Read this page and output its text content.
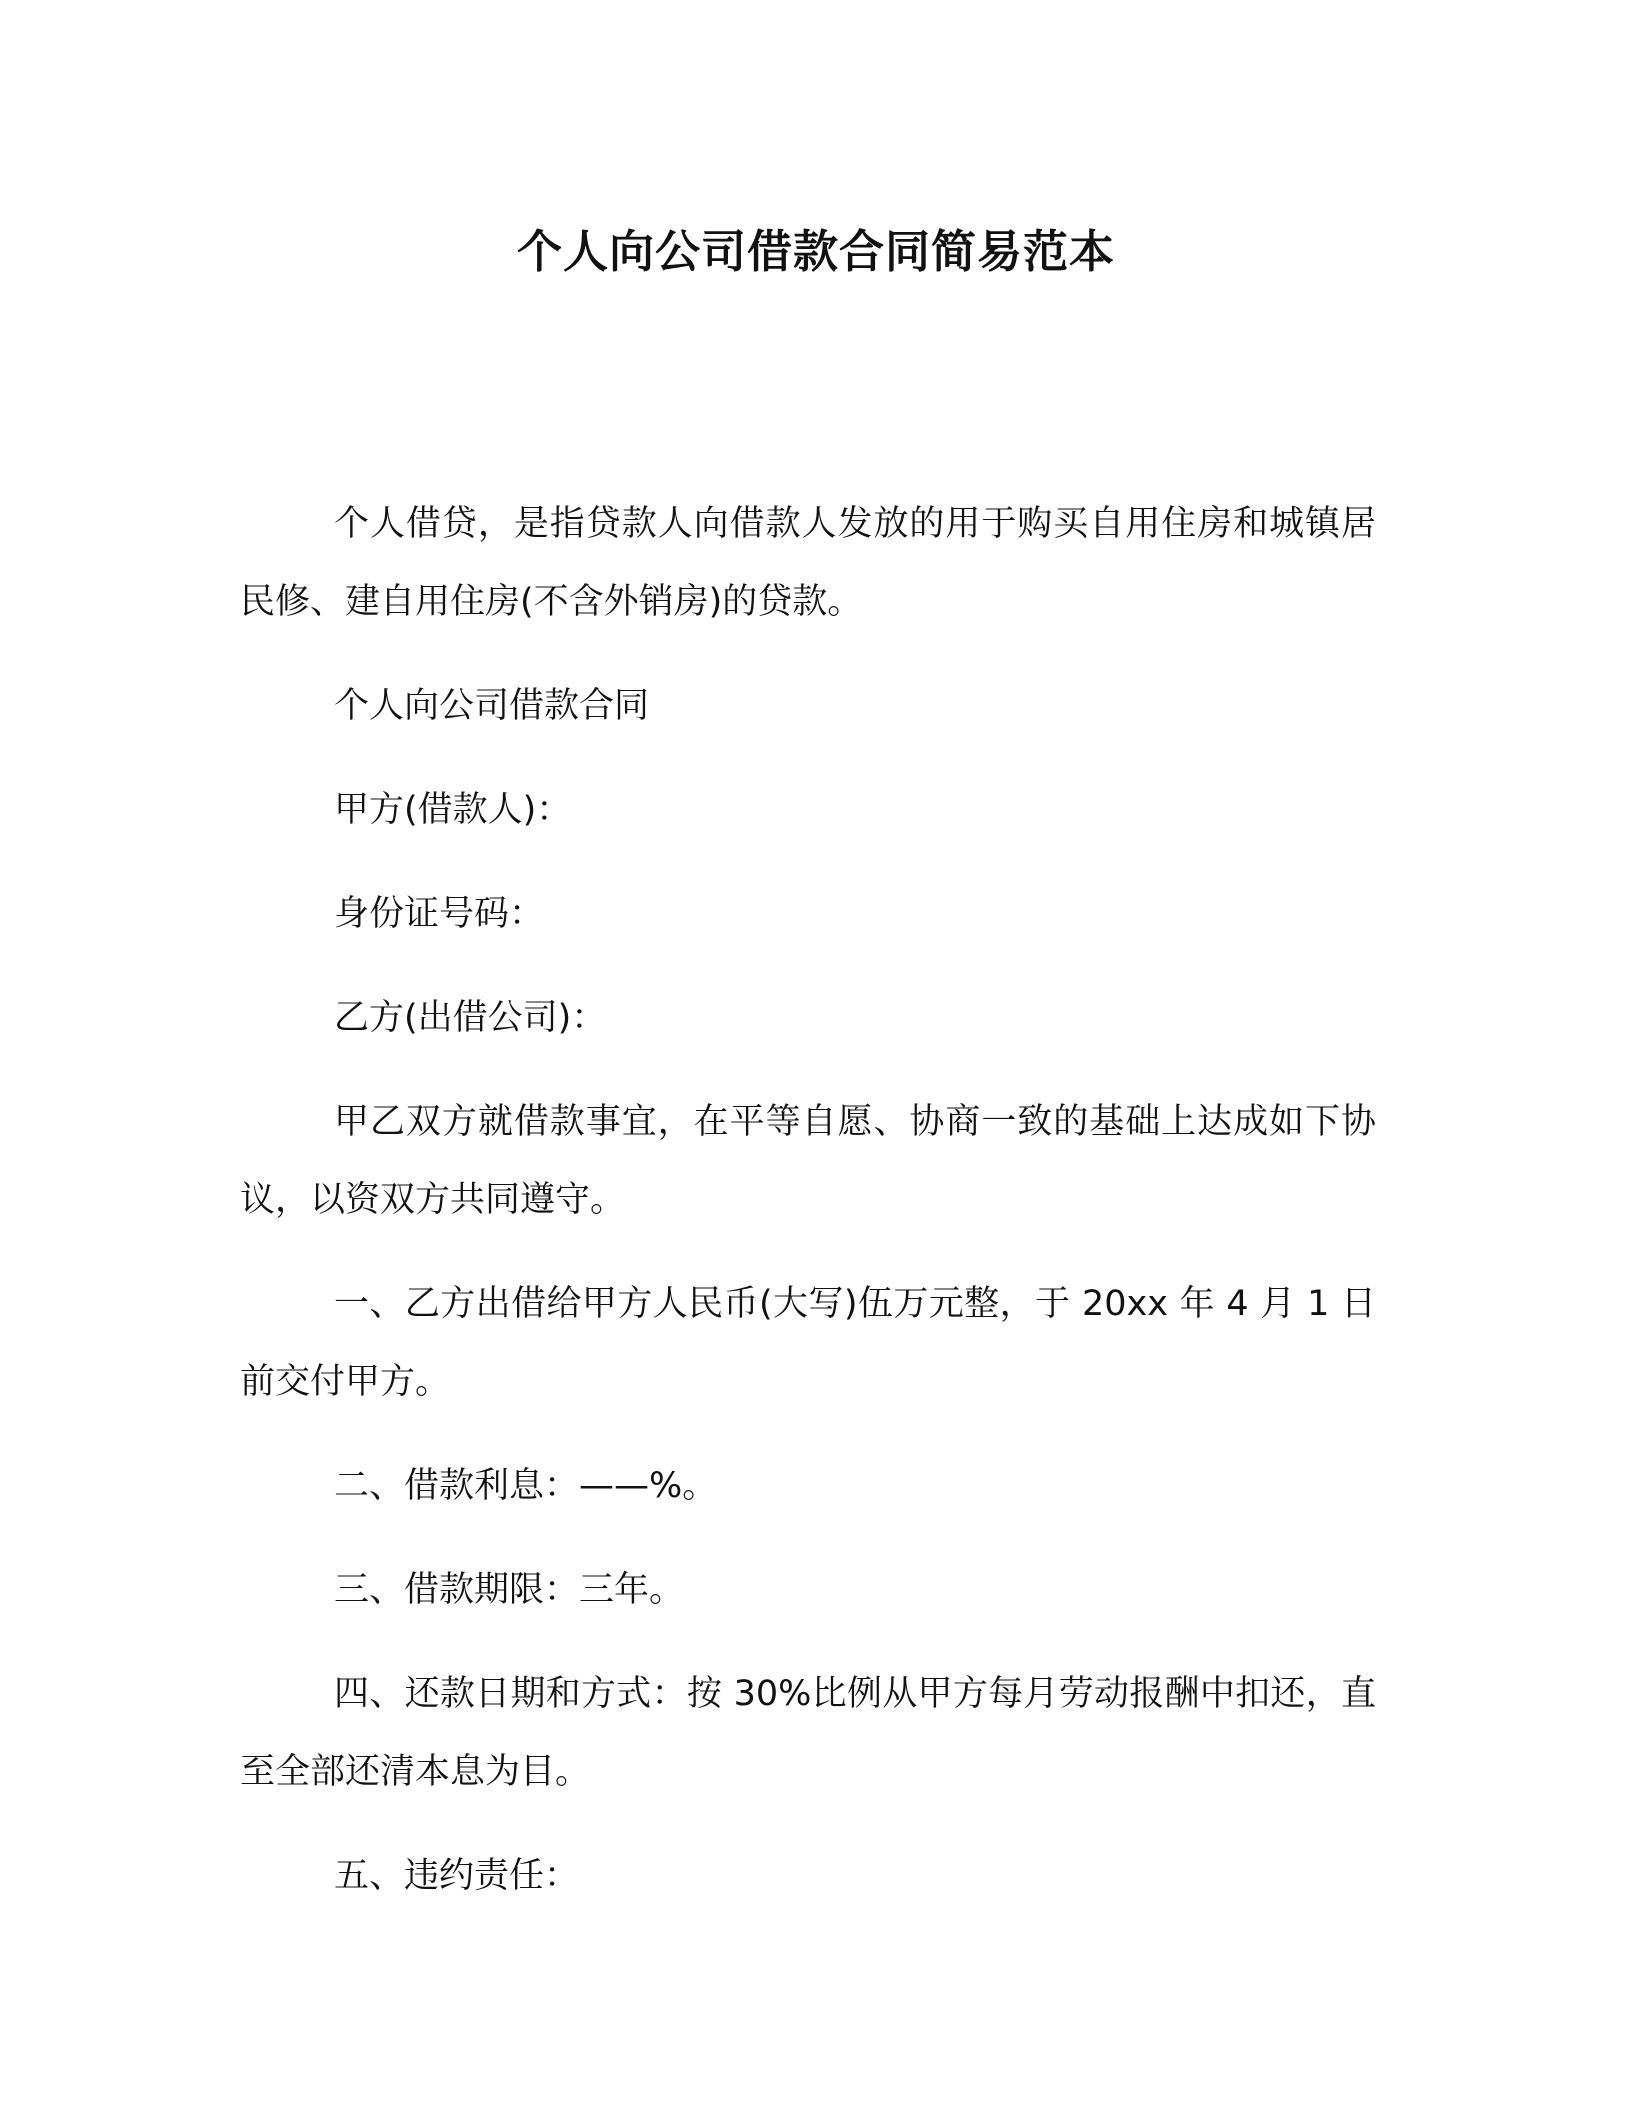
个人向公司借款合同简易范本

个人借贷，是指贷款人向借款人发放的用于购买自用住房和城镇居民修、建自用住房(不含外销房)的贷款。

个人向公司借款合同

甲方(借款人)：

身份证号码：

乙方(出借公司)：

甲乙双方就借款事宜，在平等自愿、协商一致的基础上达成如下协议，以资双方共同遵守。

一、乙方出借给甲方人民币(大写)伍万元整，于 20xx 年 4 月 1 日前交付甲方。

二、借款利息：——%。

三、借款期限：三年。

四、还款日期和方式：按 30%比例从甲方每月劳动报酬中扣还，直至全部还清本息为目。

五、违约责任：
